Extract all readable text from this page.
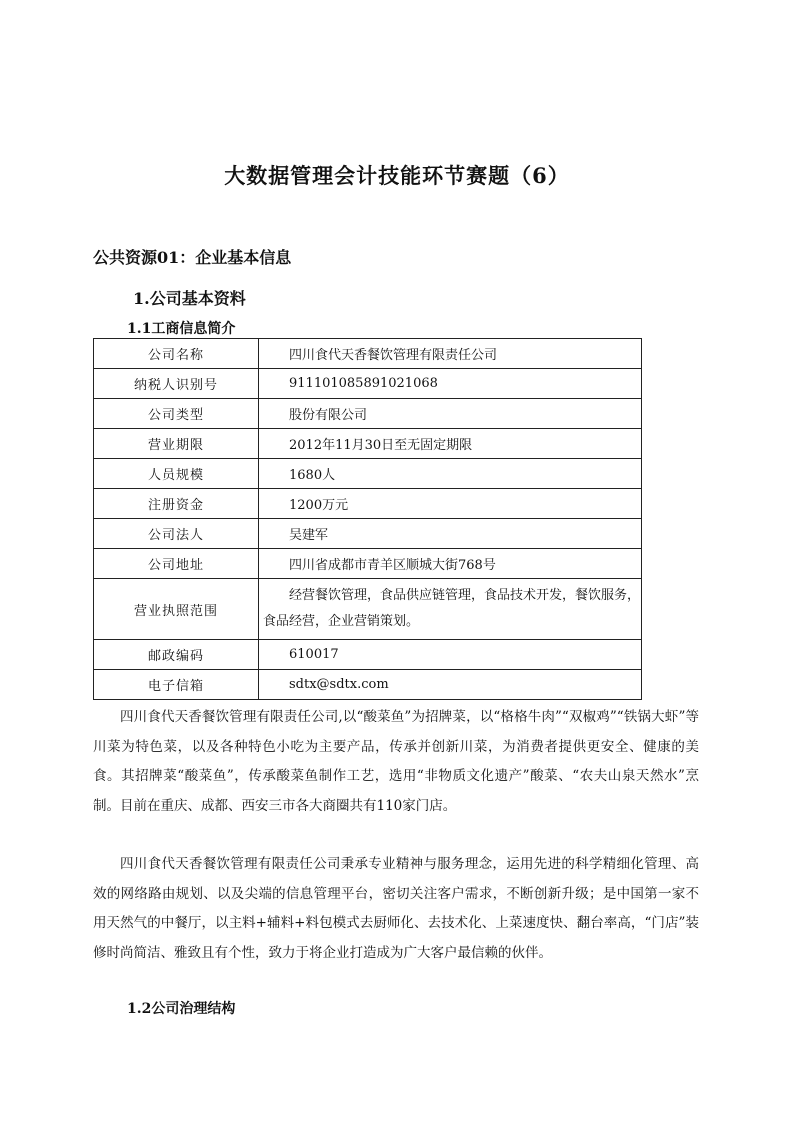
大数据管理会计技能环节赛题（6）
公共资源01：企业基本信息
1.公司基本资料
1.1工商信息简介
公司名称	四川食代天香餐饮管理有限责任公司
纳税人识别号	911101085891021068
公司类型	股份有限公司
营业期限	2012年11月30日至无固定期限
人员规模	1680人
注册资金	1200万元
公司法人	吴建军
公司地址	四川省成都市青羊区顺城大街768号
营业执照范围	经营餐饮管理，食品供应链管理，食品技术开发，餐饮服务，食品经营，企业营销策划。
邮政编码	610017
电子信箱	sdtx@sdtx.com

四川食代天香餐饮管理有限责任公司,以“酸菜鱼”为招牌菜，以“格格牛肉”“双椒鸡”“铁锅大虾”等川菜为特色菜，以及各种特色小吃为主要产品，传承并创新川菜，为消费者提供更安全、健康的美食。其招牌菜“酸菜鱼”，传承酸菜鱼制作工艺，选用“非物质文化遗产”酸菜、“农夫山泉天然水”烹制。目前在重庆、成都、西安三市各大商圈共有110家门店。

四川食代天香餐饮管理有限责任公司秉承专业精神与服务理念，运用先进的科学精细化管理、高效的网络路由规划、以及尖端的信息管理平台，密切关注客户需求，不断创新升级；是中国第一家不用天然气的中餐厅，以主料+辅料+料包模式去厨师化、去技术化、上菜速度快、翻台率高，“门店”装修时尚简洁、雅致且有个性，致力于将企业打造成为广大客户最信赖的伙伴。

1.2公司治理结构
